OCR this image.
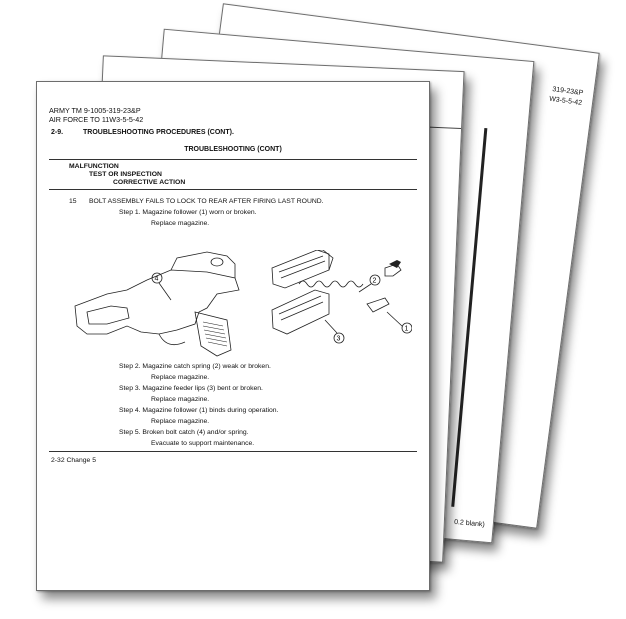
319-23&P
W3-5-5-42
0.2 blank)
ARMY TM 9-1005-319-23&P
AIR FORCE TO 11W3-5-5-42
2-9.	TROUBLESHOOTING PROCEDURES (CONT).
TROUBLESHOOTING (CONT)
MALFUNCTION
TEST OR INSPECTION
CORRECTIVE ACTION
15 BOLT ASSEMBLY FAILS TO LOCK TO REAR AFTER FIRING LAST ROUND.
Step 1. Magazine follower (1) worn or broken.
Replace magazine.
4	2
3
1
Step 2. Magazine catch spring (2) weak or broken.
Replace magazine.
Step 3. Magazine feeder lips (3) bent or broken.
Replace magazine.
Step 4. Magazine follower (1) binds during operation.
Replace magazine.
Step 5. Broken bolt catch (4) and/or spring.
Evacuate to support maintenance.
2-32 Change 5
